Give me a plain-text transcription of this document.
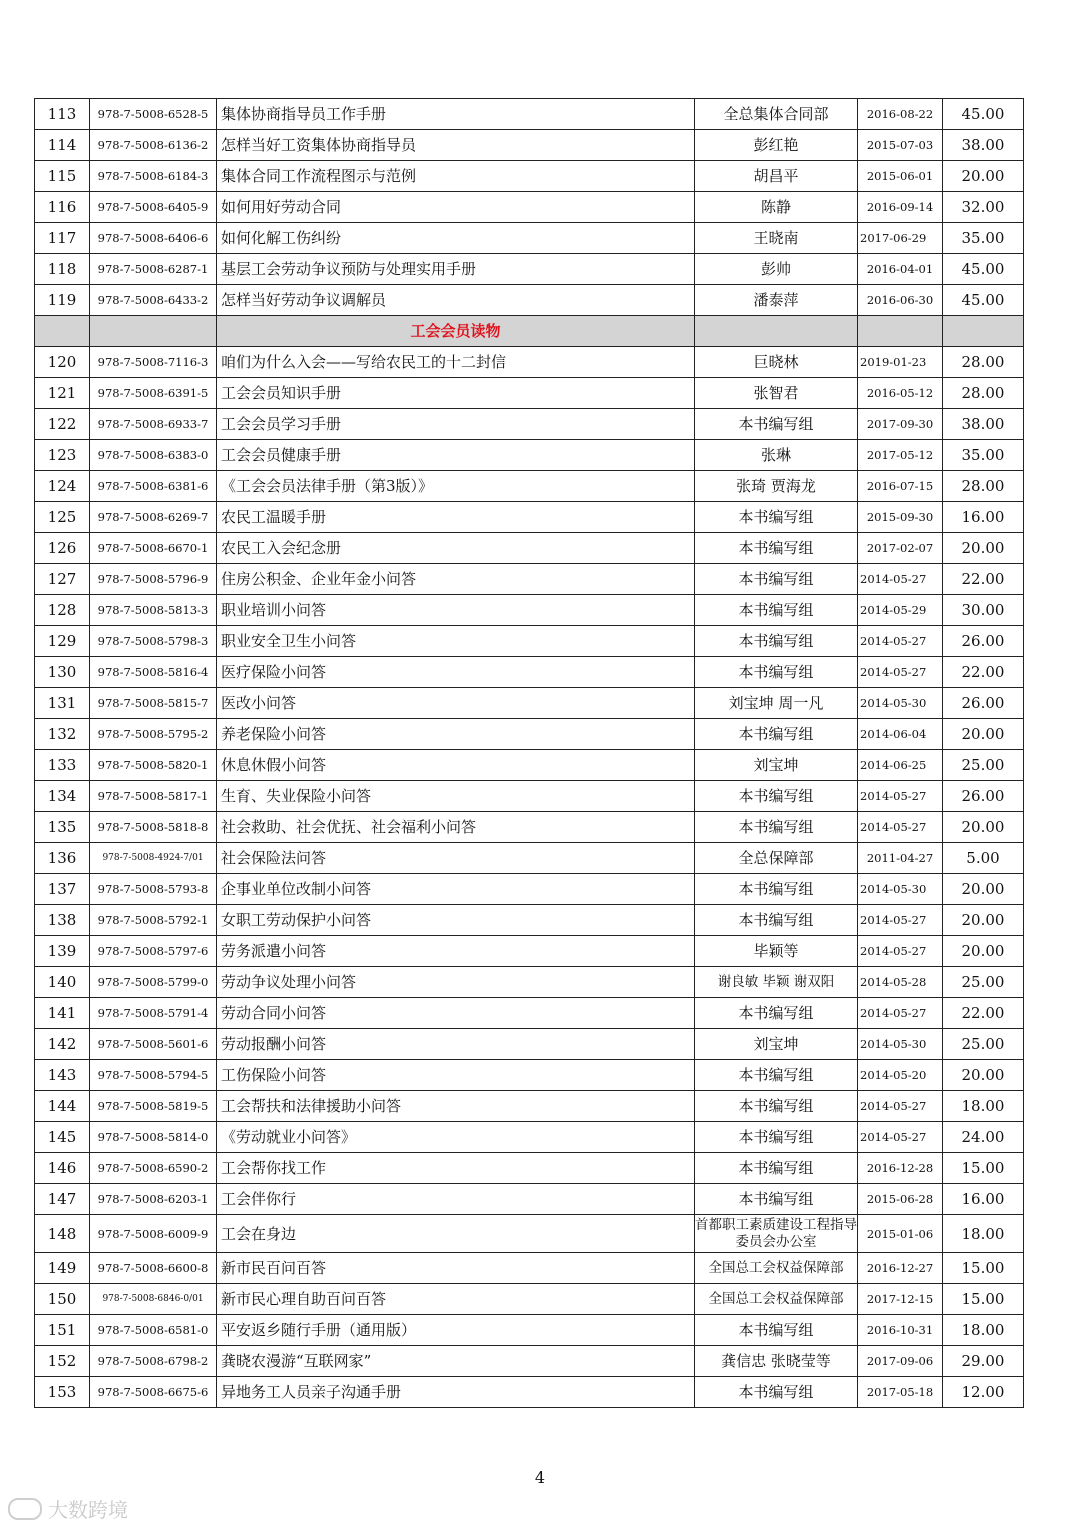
113	978-7-5008-6528-5	集体协商指导员工作手册	全总集体合同部	2016-08-22	45.00
114	978-7-5008-6136-2	怎样当好工资集体协商指导员	彭红艳	2015-07-03	38.00
115	978-7-5008-6184-3	集体合同工作流程图示与范例	胡昌平	2015-06-01	20.00
116	978-7-5008-6405-9	如何用好劳动合同	陈静	2016-09-14	32.00
117	978-7-5008-6406-6	如何化解工伤纠纷	王晓南	2017-06-29	35.00
118	978-7-5008-6287-1	基层工会劳动争议预防与处理实用手册	彭帅	2016-04-01	45.00
119	978-7-5008-6433-2	怎样当好劳动争议调解员	潘泰萍	2016-06-30	45.00
		工会会员读物			
120	978-7-5008-7116-3	咱们为什么入会——写给农民工的十二封信	巨晓林	2019-01-23	28.00
121	978-7-5008-6391-5	工会会员知识手册	张智君	2016-05-12	28.00
122	978-7-5008-6933-7	工会会员学习手册	本书编写组	2017-09-30	38.00
123	978-7-5008-6383-0	工会会员健康手册	张琳	2017-05-12	35.00
124	978-7-5008-6381-6	《工会会员法律手册（第3版）》	张琦 贾海龙	2016-07-15	28.00
125	978-7-5008-6269-7	农民工温暖手册	本书编写组	2015-09-30	16.00
126	978-7-5008-6670-1	农民工入会纪念册	本书编写组	2017-02-07	20.00
127	978-7-5008-5796-9	住房公积金、企业年金小问答	本书编写组	2014-05-27	22.00
128	978-7-5008-5813-3	职业培训小问答	本书编写组	2014-05-29	30.00
129	978-7-5008-5798-3	职业安全卫生小问答	本书编写组	2014-05-27	26.00
130	978-7-5008-5816-4	医疗保险小问答	本书编写组	2014-05-27	22.00
131	978-7-5008-5815-7	医改小问答	刘宝坤 周一凡	2014-05-30	26.00
132	978-7-5008-5795-2	养老保险小问答	本书编写组	2014-06-04	20.00
133	978-7-5008-5820-1	休息休假小问答	刘宝坤	2014-06-25	25.00
134	978-7-5008-5817-1	生育、失业保险小问答	本书编写组	2014-05-27	26.00
135	978-7-5008-5818-8	社会救助、社会优抚、社会福利小问答	本书编写组	2014-05-27	20.00
136	978-7-5008-4924-7/01	社会保险法问答	全总保障部	2011-04-27	5.00
137	978-7-5008-5793-8	企事业单位改制小问答	本书编写组	2014-05-30	20.00
138	978-7-5008-5792-1	女职工劳动保护小问答	本书编写组	2014-05-27	20.00
139	978-7-5008-5797-6	劳务派遣小问答	毕颖等	2014-05-27	20.00
140	978-7-5008-5799-0	劳动争议处理小问答	谢良敏 毕颖 谢双阳	2014-05-28	25.00
141	978-7-5008-5791-4	劳动合同小问答	本书编写组	2014-05-27	22.00
142	978-7-5008-5601-6	劳动报酬小问答	刘宝坤	2014-05-30	25.00
143	978-7-5008-5794-5	工伤保险小问答	本书编写组	2014-05-20	20.00
144	978-7-5008-5819-5	工会帮扶和法律援助小问答	本书编写组	2014-05-27	18.00
145	978-7-5008-5814-0	《劳动就业小问答》	本书编写组	2014-05-27	24.00
146	978-7-5008-6590-2	工会帮你找工作	本书编写组	2016-12-28	15.00
147	978-7-5008-6203-1	工会伴你行	本书编写组	2015-06-28	16.00
148	978-7-5008-6009-9	工会在身边	首都职工素质建设工程指导委员会办公室	2015-01-06	18.00
149	978-7-5008-6600-8	新市民百问百答	全国总工会权益保障部	2016-12-27	15.00
150	978-7-5008-6846-0/01	新市民心理自助百问百答	全国总工会权益保障部	2017-12-15	15.00
151	978-7-5008-6581-0	平安返乡随行手册（通用版）	本书编写组	2016-10-31	18.00
152	978-7-5008-6798-2	龚晓农漫游“互联网家”	龚信忠 张晓莹等	2017-09-06	29.00
153	978-7-5008-6675-6	异地务工人员亲子沟通手册	本书编写组	2017-05-18	12.00
4
大数跨境
